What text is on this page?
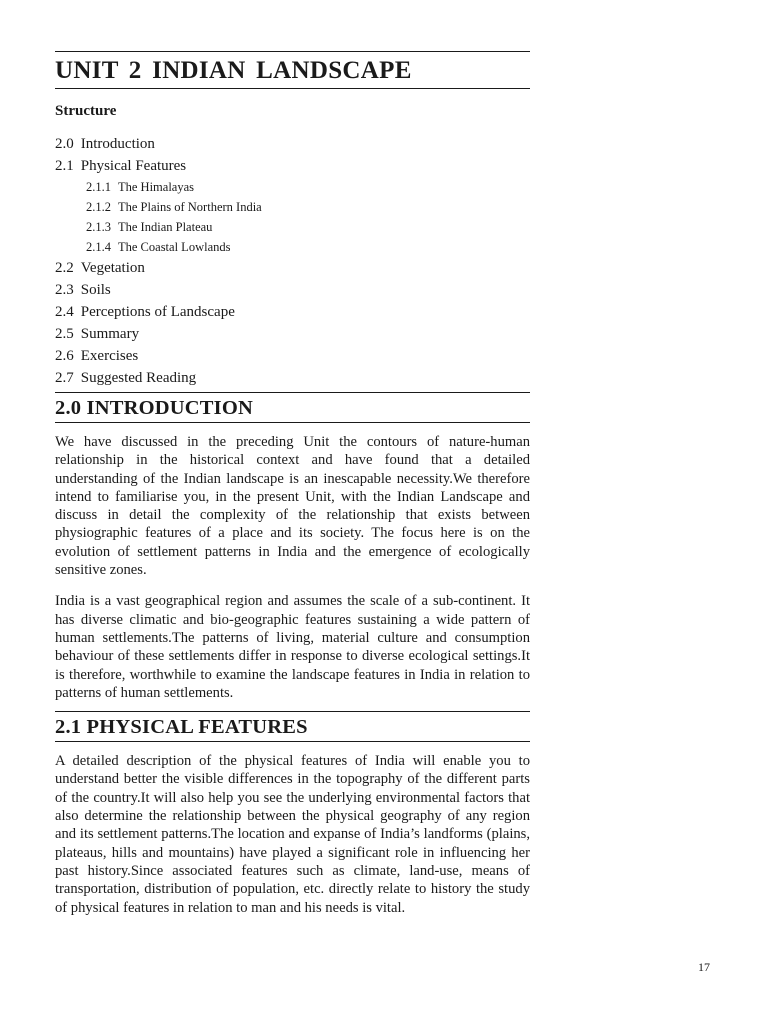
UNIT 2 INDIAN LANDSCAPE
Structure
2.0 Introduction
2.1 Physical Features
2.1.1 The Himalayas
2.1.2 The Plains of Northern India
2.1.3 The Indian Plateau
2.1.4 The Coastal Lowlands
2.2 Vegetation
2.3 Soils
2.4 Perceptions of Landscape
2.5 Summary
2.6 Exercises
2.7 Suggested Reading
2.0 INTRODUCTION

We have discussed in the preceding Unit the contours of nature-human relationship in the historical context and have found that a detailed understanding of the Indian landscape is an inescapable necessity.We therefore intend to familiarise you, in the present Unit, with the Indian Landscape and discuss in detail the complexity of the relationship that exists between physiographic features of a place and its society. The focus here is on the evolution of settlement patterns in India and the emergence of ecologically sensitive zones.

India is a vast geographical region and assumes the scale of a sub-continent. It has diverse climatic and bio-geographic features sustaining a wide pattern of human settlements.The patterns of living, material culture and consumption behaviour of these settlements differ in response to diverse ecological settings.It is therefore, worthwhile to examine the landscape features in India in relation to patterns of human settlements.

2.1 PHYSICAL FEATURES

A detailed description of the physical features of India will enable you to understand better the visible differences in the topography of the different parts of the country.It will also help you see the underlying environmental factors that also determine the relationship between the physical geography of any region and its settlement patterns.The location and expanse of India’s landforms (plains, plateaus, hills and mountains) have played a significant role in influencing her past history.Since associated features such as climate, land-use, means of transportation, distribution of population, etc. directly relate to history the study of physical features in relation to man and his needs is vital.

17
